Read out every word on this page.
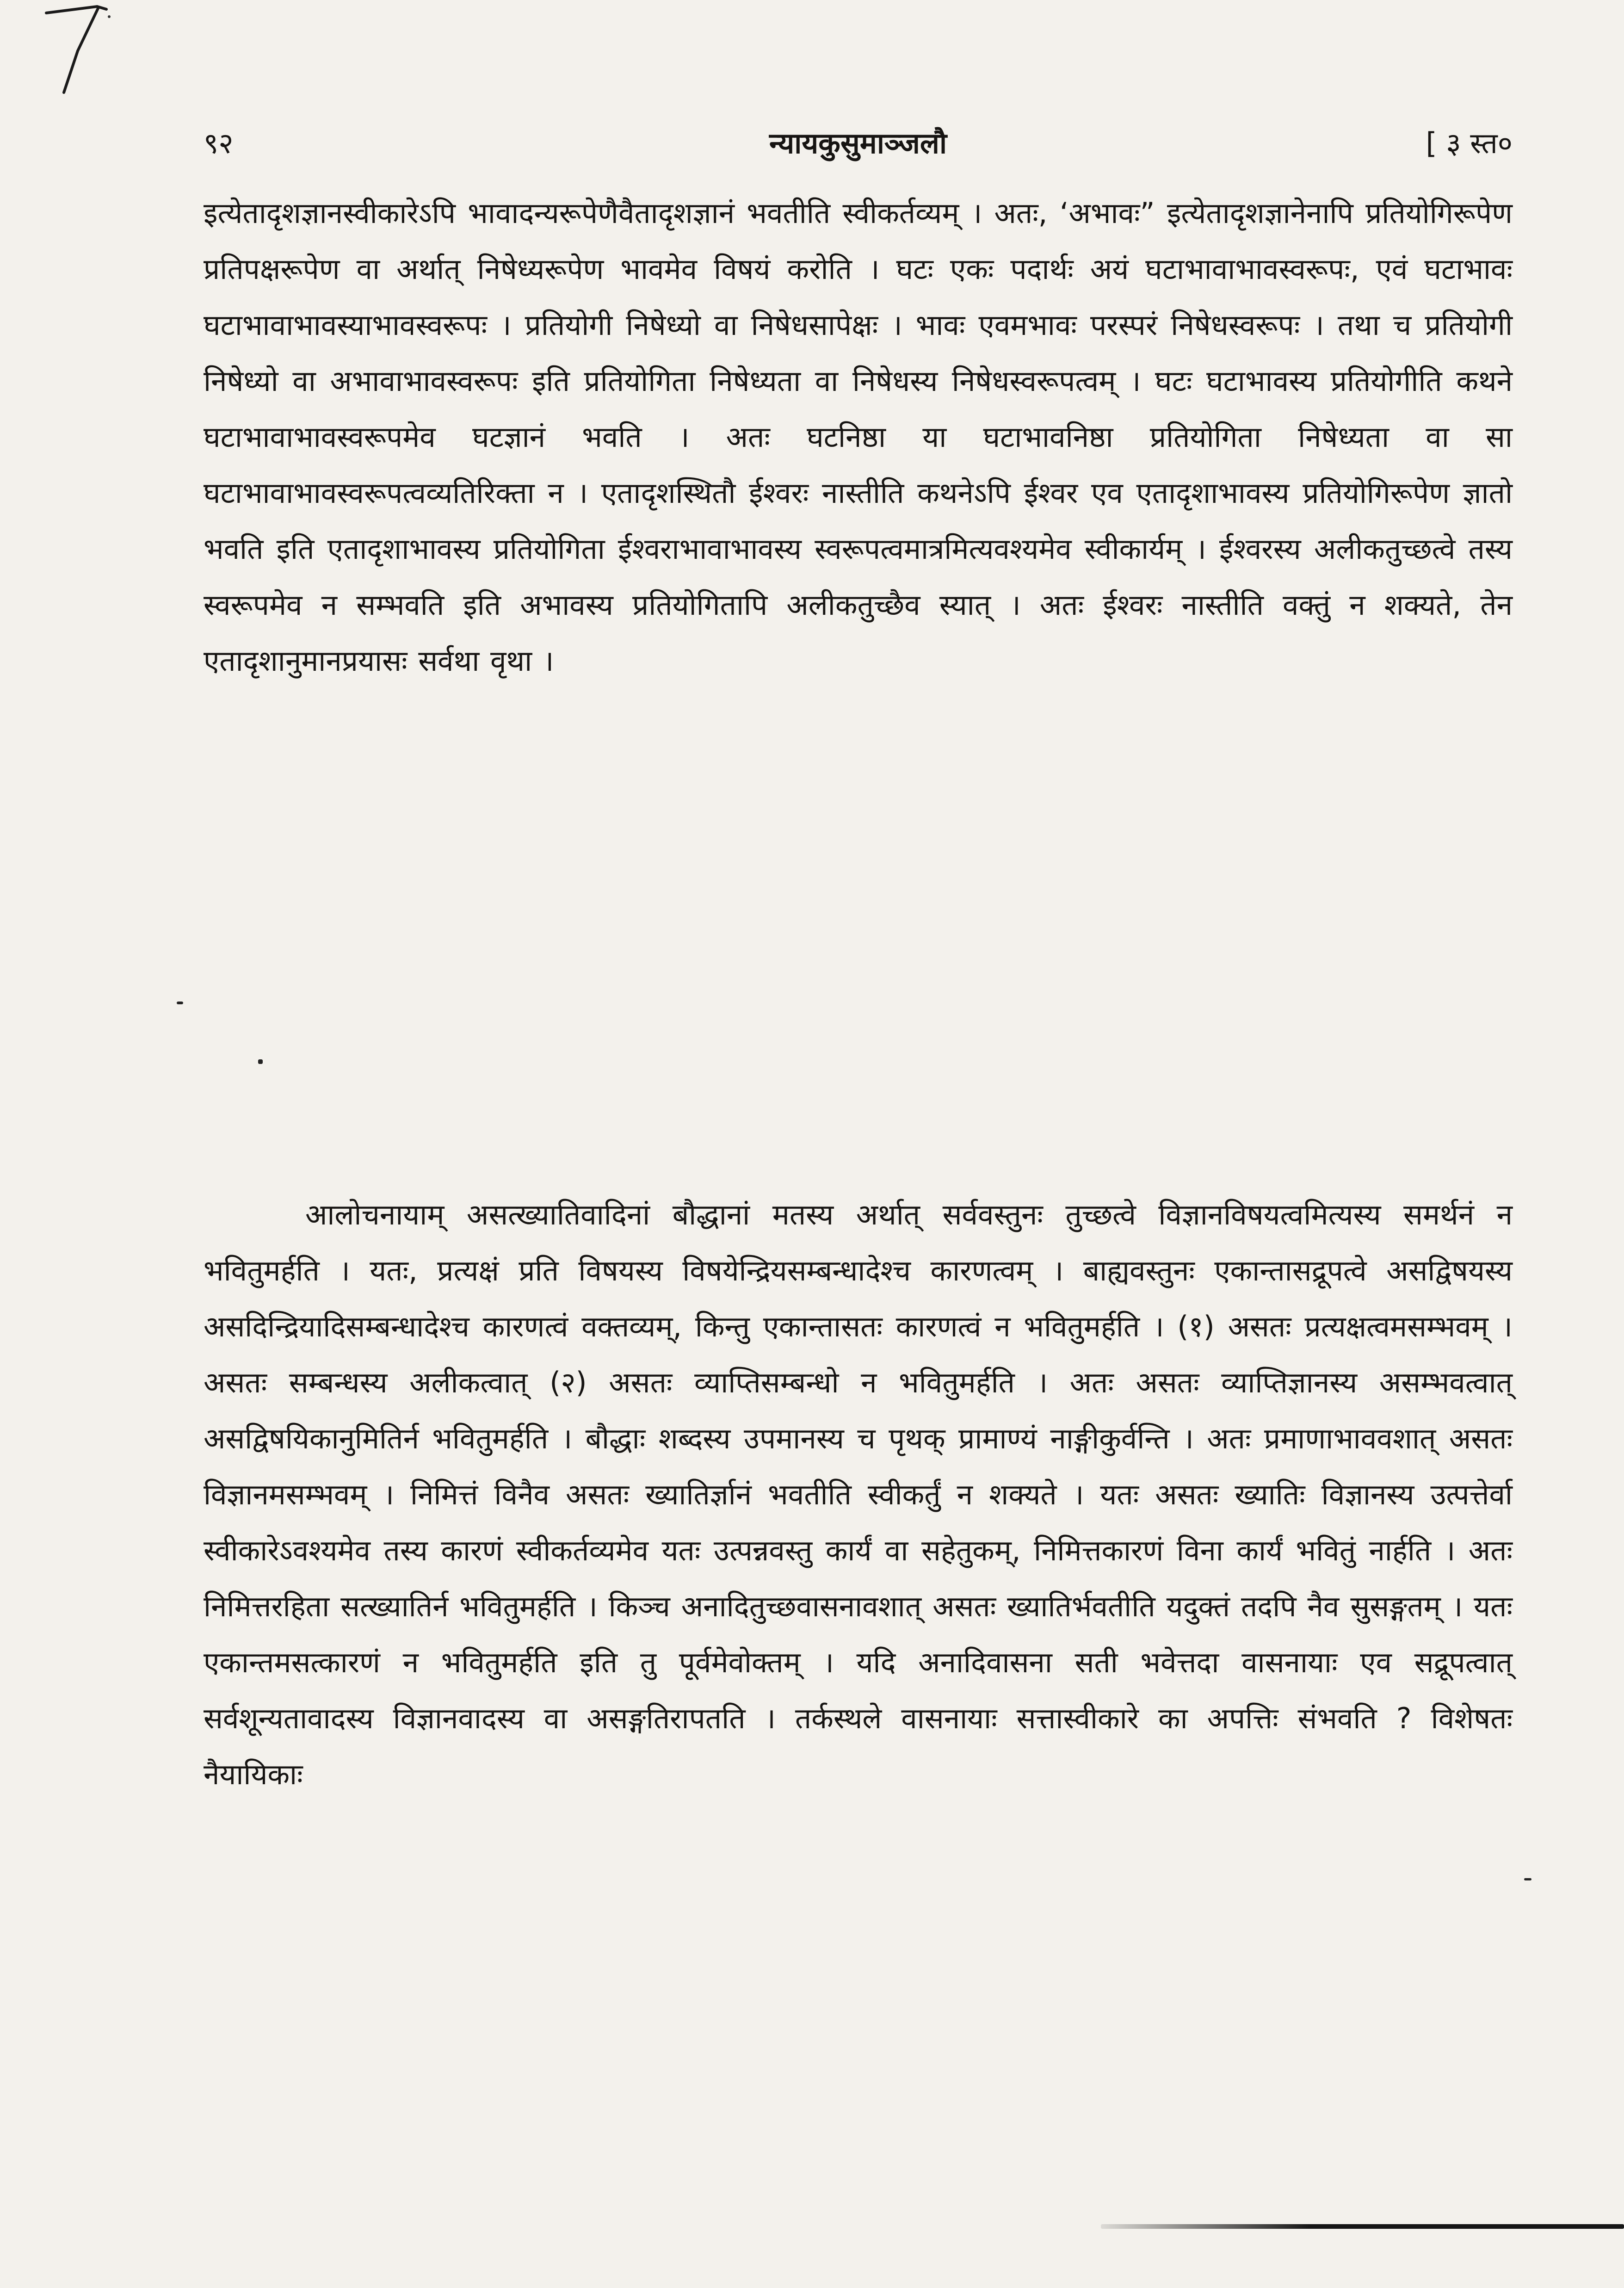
९२	न्यायकुसुमाञ्जलौ	[ ३ स्त०

इत्येतादृशज्ञानस्वीकारेऽपि भावादन्यरूपेणैवैतादृशज्ञानं भवतीति स्वीकर्तव्यम् । अतः, ‘अभावः” इत्येतादृशज्ञानेनापि प्रतियोगिरूपेण प्रतिपक्षरूपेण वा अर्थात् निषेध्यरूपेण भावमेव विषयं करोति । घटः एकः पदार्थः अयं घटाभावाभावस्वरूपः, एवं घटाभावः घटाभावाभावस्याभावस्वरूपः । प्रतियोगी निषेध्यो वा निषेधसापेक्षः । भावः एवमभावः परस्परं निषेधस्वरूपः । तथा च प्रतियोगी निषेध्यो वा अभावाभावस्वरूपः इति प्रतियोगिता निषेध्यता वा निषेधस्य निषेधस्वरूपत्वम् । घटः घटाभावस्य प्रतियोगीति कथने घटाभावाभावस्वरूपमेव घटज्ञानं भवति । अतः घटनिष्ठा या घटाभावनिष्ठा प्रतियोगिता निषेध्यता वा सा घटाभावाभावस्वरूपत्वव्यतिरिक्ता न । एतादृशस्थितौ ईश्वरः नास्तीति कथनेऽपि ईश्वर एव एतादृशाभावस्य प्रतियोगिरूपेण ज्ञातो भवति इति एतादृशाभावस्य प्रतियोगिता ईश्वराभावाभावस्य स्वरूपत्वमात्रमित्यवश्यमेव स्वीकार्यम् । ईश्वरस्य अलीकतुच्छत्वे तस्य स्वरूपमेव न सम्भवति इति अभावस्य प्रतियोगितापि अलीकतुच्छैव स्यात् । अतः ईश्वरः नास्तीति वक्तुं न शक्यते, तेन एतादृशानुमानप्रयासः सर्वथा वृथा ।

आलोचनायाम् असत्ख्यातिवादिनां बौद्धानां मतस्य अर्थात् सर्ववस्तुनः तुच्छत्वे विज्ञानविषयत्वमित्यस्य समर्थनं न भवितुमर्हति । यतः, प्रत्यक्षं प्रति विषयस्य विषयेन्द्रियसम्बन्धादेश्च कारणत्वम् । बाह्यवस्तुनः एकान्तासद्रूपत्वे असद्विषयस्य असदिन्द्रियादिसम्बन्धादेश्च कारणत्वं वक्तव्यम्, किन्तु एकान्तासतः कारणत्वं न भवितुमर्हति । (१) असतः प्रत्यक्षत्वमसम्भवम् । असतः सम्बन्धस्य अलीकत्वात् (२) असतः व्याप्तिसम्बन्धो न भवितुमर्हति । अतः असतः व्याप्तिज्ञानस्य असम्भवत्वात् असद्विषयिकानुमितिर्न भवितुमर्हति । बौद्धाः शब्दस्य उपमानस्य च पृथक् प्रामाण्यं नाङ्गीकुर्वन्ति । अतः प्रमाणाभाववशात् असतः विज्ञानमसम्भवम् । निमित्तं विनैव असतः ख्यातिर्ज्ञानं भवतीति स्वीकर्तुं न शक्यते । यतः असतः ख्यातिः विज्ञानस्य उत्पत्तेर्वा स्वीकारेऽवश्यमेव तस्य कारणं स्वीकर्तव्यमेव यतः उत्पन्नवस्तु कार्यं वा सहेतुकम्, निमित्तकारणं विना कार्यं भवितुं नार्हति । अतः निमित्तरहिता सत्ख्यातिर्न भवितुमर्हति । किञ्च अनादितुच्छवासनावशात् असतः ख्यातिर्भवतीति यदुक्तं तदपि नैव सुसङ्गतम् । यतः एकान्तमसत्कारणं न भवितुमर्हति इति तु पूर्वमेवोक्तम् । यदि अनादिवासना सती भवेत्तदा वासनायाः एव सद्रूपत्वात् सर्वशून्यतावादस्य विज्ञानवादस्य वा असङ्गतिरापतति । तर्कस्थले वासनायाः सत्तास्वीकारे का अपत्तिः संभवति ? विशेषतः नैयायिकाः
